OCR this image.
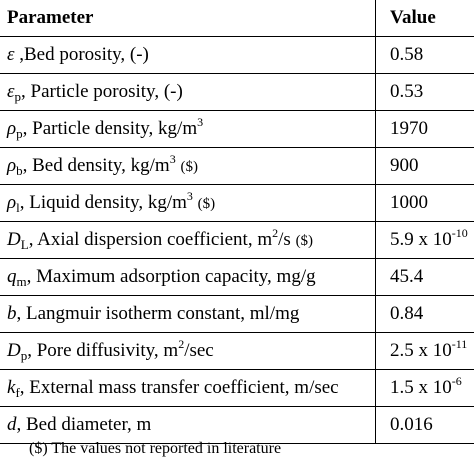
Parameter	Value
ε ,Bed porosity, (-)	0.58
$\varepsilon_p$, Particle porosity, (-)	0.53
$\rho_p$, Particle density, $kg/m^3$	1970
$\rho_b$, Bed density, $kg/m^3$ ($)	900
$\rho_l$, Liquid density, $kg/m^3$ ($)	1000
$D_L$, Axial dispersion coefficient, $m^2/s$ ($)	5.9 x $10^{-10}$
$q_m$, Maximum adsorption capacity, mg/g	45.4
b, Langmuir isotherm constant, ml/mg	0.84
$D_p$, Pore diffusivity, $m^2/\sec$	2.5 x $10^{-11}$
$k_f$, External mass transfer coefficient, m/sec	1.5 x $10^{-6}$
d, Bed diameter, m	0.016
($) The values not reported in literature
